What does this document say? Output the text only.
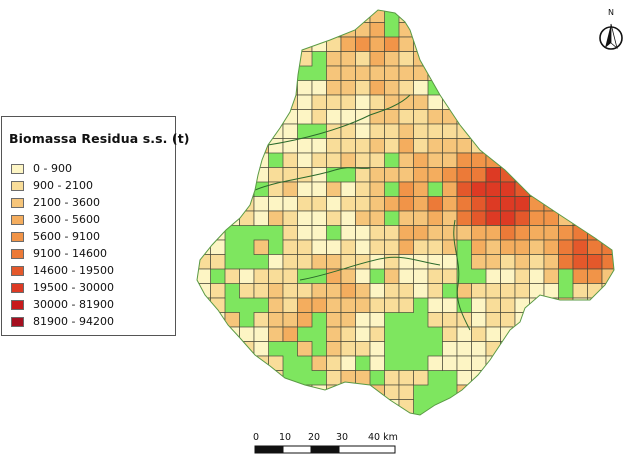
N
0 10 20 30 40 km
Biomassa Residua s.s. (t)
0 - 900
900 - 2100
2100 - 3600
3600 - 5600
5600 - 9100
9100 - 14600
14600 - 19500
19500 - 30000
30000 - 81900
81900 - 94200
